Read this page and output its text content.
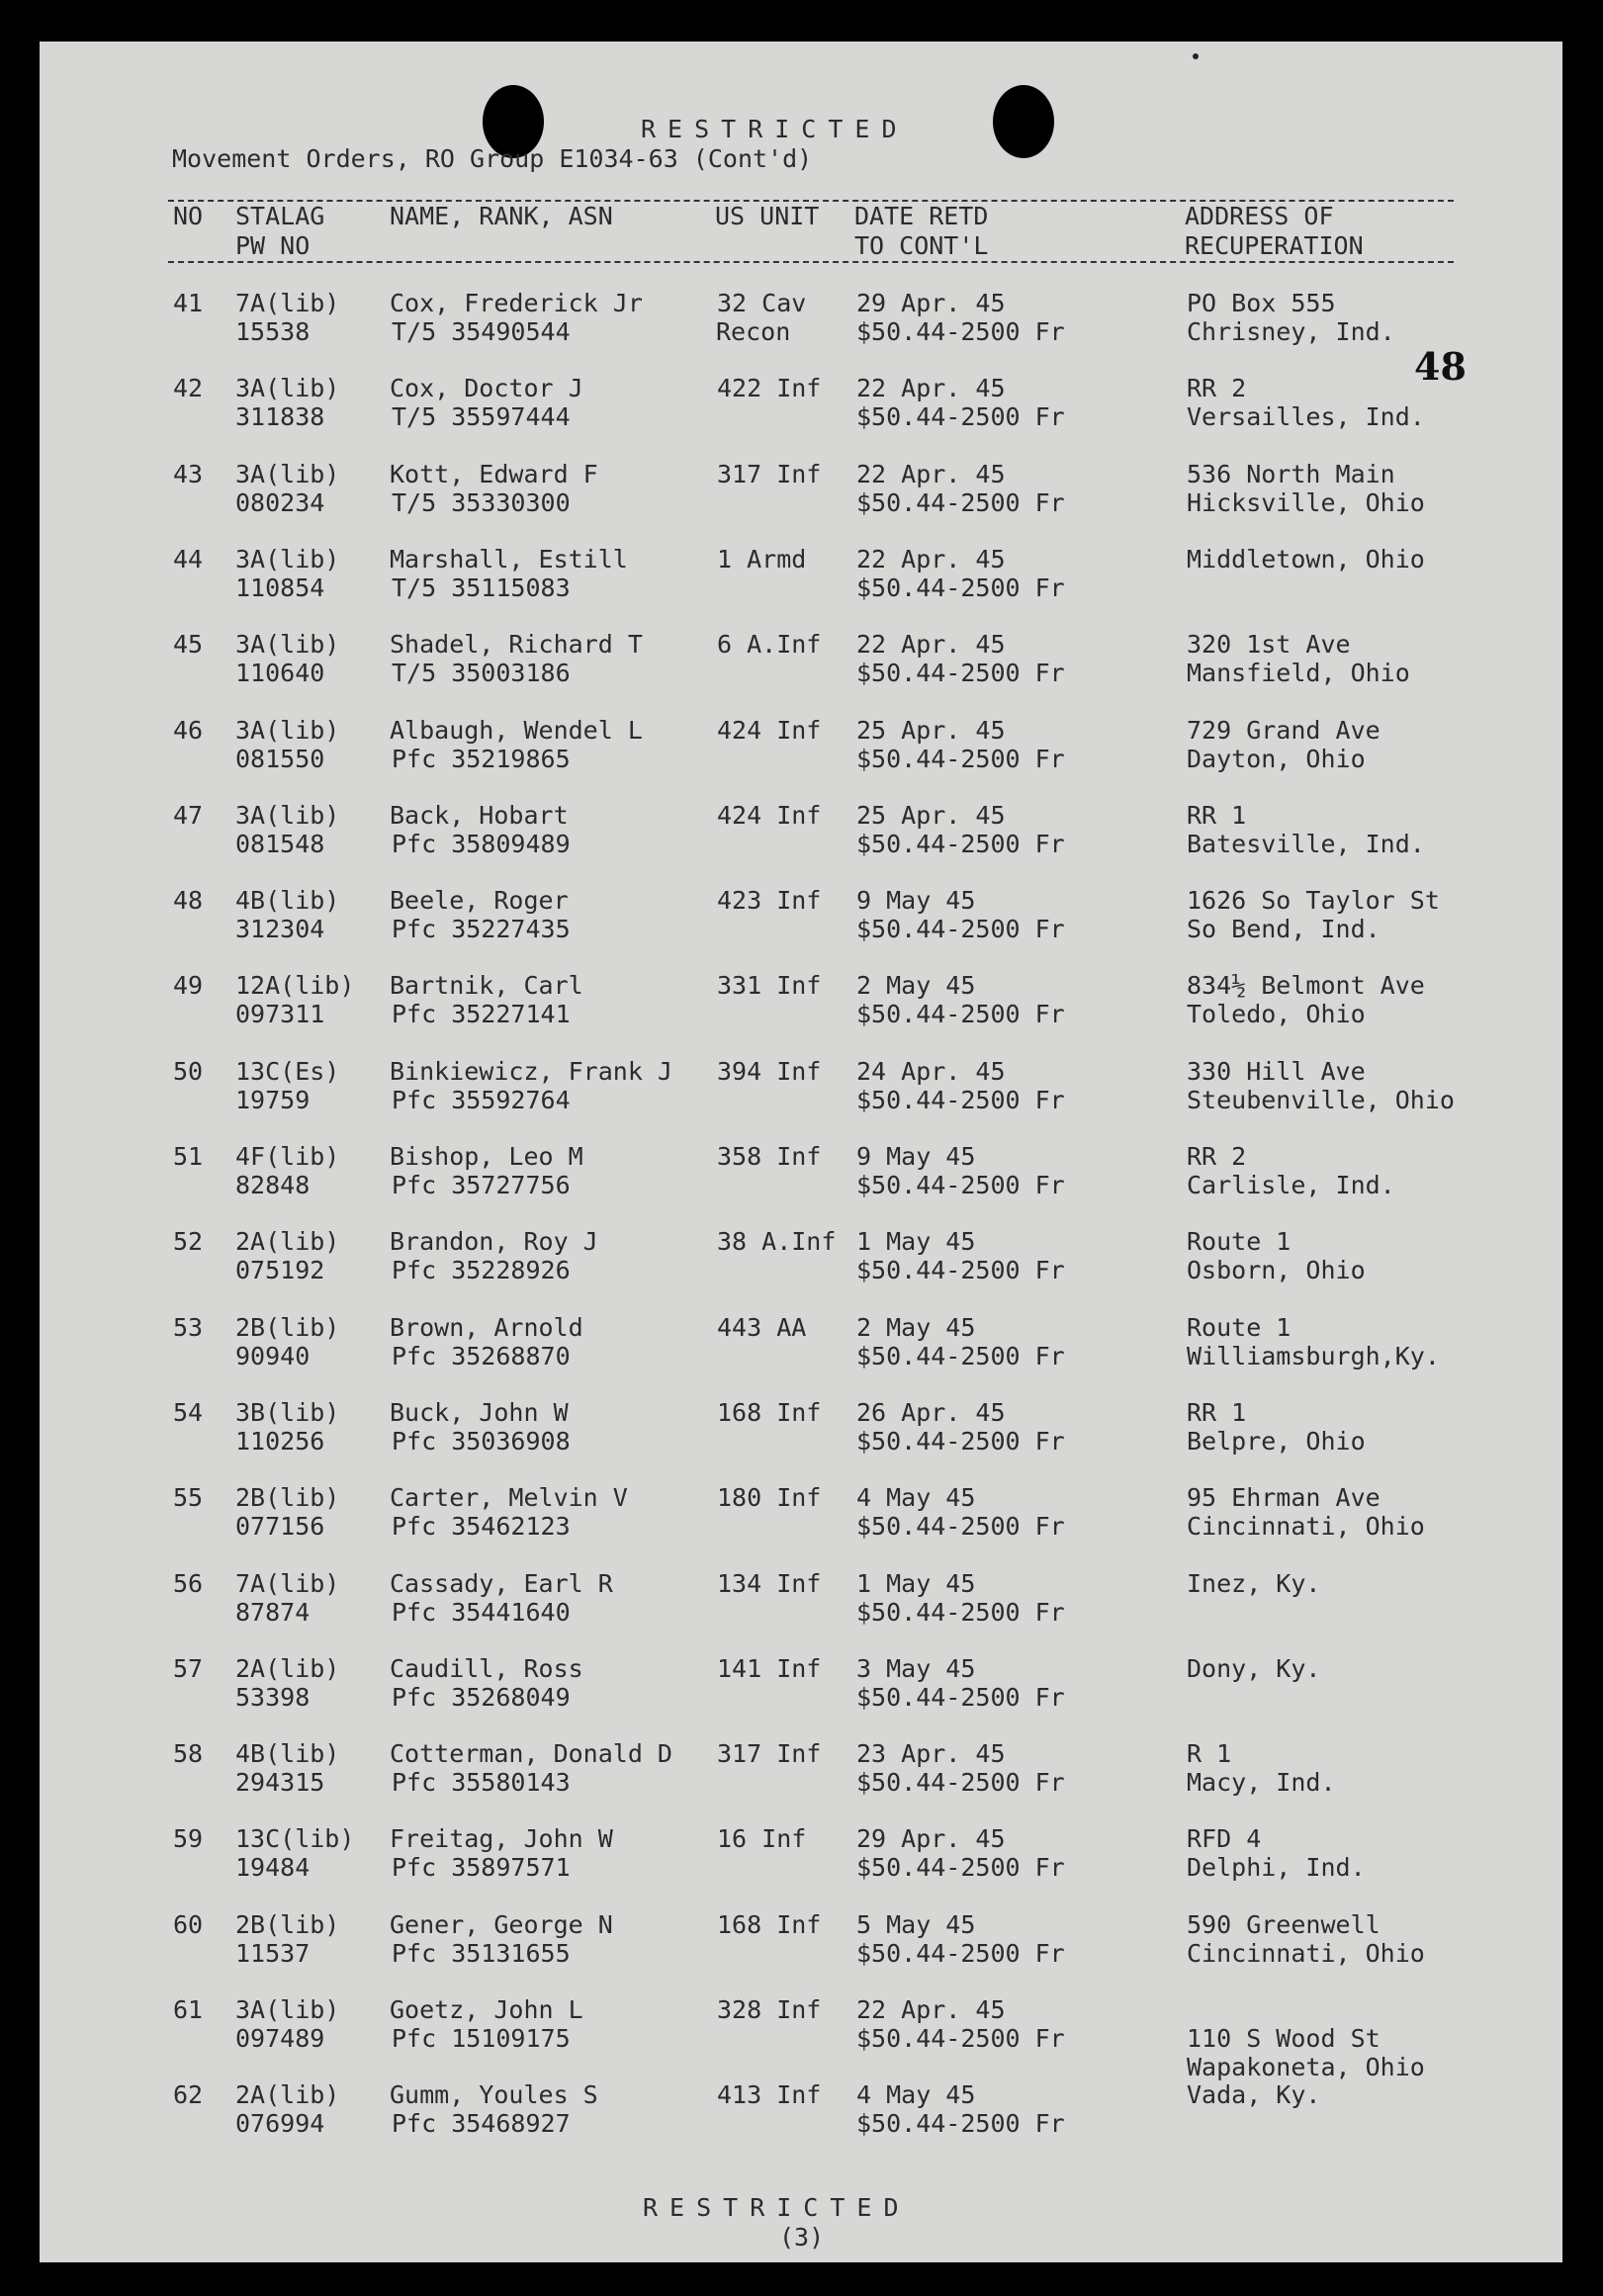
RESTRICTED
Movement Orders, RO Group E1034-63 (Cont'd)
48
NO STALAG
PW NO
NAME, RANK, ASN	US UNIT DATE RETD
TO CONT'L
ADDRESS OF
RECUPERATION
41 7A(lib)
15538
Cox, Frederick Jr
T/5 35490544
32 Cav
Recon
29 Apr. 45
$50.44-2500 Fr
PO Box 555
Chrisney, Ind.
42 3A(lib)
311838
Cox, Doctor J
T/5 35597444
422 Inf 22 Apr. 45
$50.44-2500 Fr
RR 2
Versailles, Ind.
43 3A(lib)
080234
Kott, Edward F
T/5 35330300
317 Inf 22 Apr. 45
$50.44-2500 Fr
536 North Main
Hicksville, Ohio
44 3A(lib)
110854
Marshall, Estill
T/5 35115083
1 Armd 22 Apr. 45
$50.44-2500 Fr
Middletown, Ohio
45 3A(lib)
110640
Shadel, Richard T
T/5 35003186
6 A.Inf 22 Apr. 45
$50.44-2500 Fr
320 1st Ave
Mansfield, Ohio
46 3A(lib)
081550
Albaugh, Wendel L
Pfc 35219865
424 Inf 25 Apr. 45
$50.44-2500 Fr
729 Grand Ave
Dayton, Ohio
47 3A(lib)
081548
Back, Hobart
Pfc 35809489
424 Inf 25 Apr. 45
$50.44-2500 Fr
RR 1
Batesville, Ind.
48 4B(lib)
312304
Beele, Roger
Pfc 35227435
423 Inf 9 May 45
$50.44-2500 Fr
1626 So Taylor St
So Bend, Ind.
49 12A(lib)
097311
Bartnik, Carl
Pfc 35227141
331 Inf 2 May 45
$50.44-2500 Fr
834½ Belmont Ave
Toledo, Ohio
50 13C(Es)
19759
Binkiewicz, Frank J
Pfc 35592764
394 Inf 24 Apr. 45
$50.44-2500 Fr
330 Hill Ave
Steubenville, Ohio
51 4F(lib)
82848
Bishop, Leo M
Pfc 35727756
358 Inf 9 May 45
$50.44-2500 Fr
RR 2
Carlisle, Ind.
52 2A(lib)
075192
Brandon, Roy J
Pfc 35228926
38 A.Inf 1 May 45
$50.44-2500 Fr
Route 1
Osborn, Ohio
53 2B(lib)
90940
Brown, Arnold
Pfc 35268870
443 AA 2 May 45
$50.44-2500 Fr
Route 1
Williamsburgh,Ky.
54 3B(lib)
110256
Buck, John W
Pfc 35036908
168 Inf 26 Apr. 45
$50.44-2500 Fr
RR 1
Belpre, Ohio
55 2B(lib)
077156
Carter, Melvin V
Pfc 35462123
180 Inf 4 May 45
$50.44-2500 Fr
95 Ehrman Ave
Cincinnati, Ohio
56 7A(lib)
87874
Cassady, Earl R
Pfc 35441640
134 Inf 1 May 45
$50.44-2500 Fr
Inez, Ky.
57 2A(lib)
53398
Caudill, Ross
Pfc 35268049
141 Inf 3 May 45
$50.44-2500 Fr
Dony, Ky.
58 4B(lib)
294315
Cotterman, Donald D
Pfc 35580143
317 Inf 23 Apr. 45
$50.44-2500 Fr
R 1
Macy, Ind.
59 13C(lib)
19484
Freitag, John W
Pfc 35897571
16 Inf 29 Apr. 45
$50.44-2500 Fr
RFD 4
Delphi, Ind.
60 2B(lib)
11537
Gener, George N
Pfc 35131655
168 Inf 5 May 45
$50.44-2500 Fr
590 Greenwell
Cincinnati, Ohio
61 3A(lib)
097489
Goetz, John L
Pfc 15109175
328 Inf 22 Apr. 45
$50.44-2500 Fr	110 S Wood St
Wapakoneta, Ohio
62 2A(lib)
076994
Gumm, Youles S
Pfc 35468927
413 Inf 4 May 45
$50.44-2500 Fr
Vada, Ky.
RESTRICTED
(3)
